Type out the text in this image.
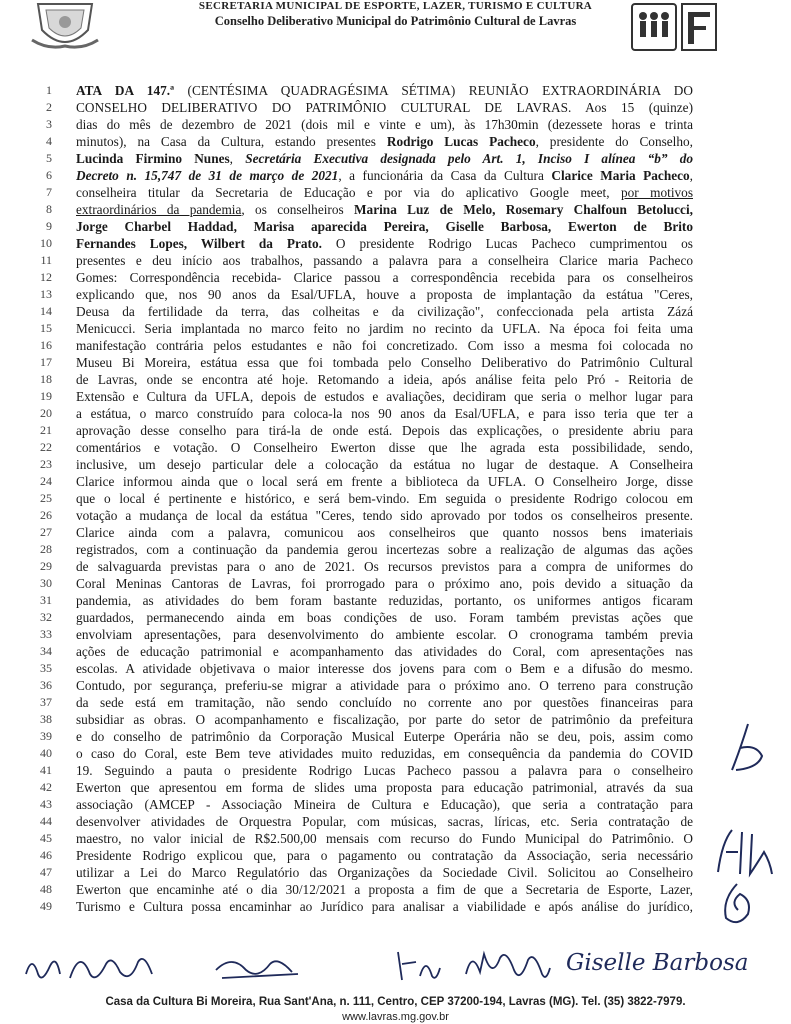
SECRETARIA MUNICIPAL DE ESPORTE, LAZER, TURISMO E CULTURA
Conselho Deliberativo Municipal do Patrimônio Cultural de Lavras
1 ATA DA 147.ª (CENTÉSIMA QUADRAGÉSIMA SÉTIMA) REUNIÃO EXTRAORDINÁRIA DO
2 CONSELHO DELIBERATIVO DO PATRIMÔNIO CULTURAL DE LAVRAS. Aos 15 (quinze)
3 dias do mês de dezembro de 2021 (dois mil e vinte e um), às 17h30min (dezessete horas e trinta
4 minutos), na Casa da Cultura, estando presentes Rodrigo Lucas Pacheco, presidente do Conselho,
5 Lucinda Firmino Nunes, Secretária Executiva designada pelo Art. 1, Inciso I alínea “b” do
6 Decreto n. 15,747 de 31 de março de 2021, a funcionária da Casa da Cultura Clarice Maria Pacheco,
7 conselheira titular da Secretaria de Educação e por via do aplicativo Google meet, por motivos
8 extraordinários da pandemia, os conselheiros Marina Luz de Melo, Rosemary Chalfoun Betolucci,
9 Jorge Charbel Haddad, Marisa aparecida Pereira, Giselle Barbosa, Ewerton de Brito
10 Fernandes Lopes, Wilbert da Prato. O presidente Rodrigo Lucas Pacheco cumprimentou os
11 presentes e deu início aos trabalhos, passando a palavra para a conselheira Clarice maria Pacheco
12 Gomes: Correspondência recebida- Clarice passou a correspondência recebida para os conselheiros
13 explicando que, nos 90 anos da Esal/UFLA, houve a proposta de implantação da estátua "Ceres,
14 Deusa da fertilidade da terra, das colheitas e da civilização", confeccionada pela artista Zázá
15 Menicucci. Seria implantada no marco feito no jardim no recinto da UFLA. Na época foi feita uma
16 manifestação contrária pelos estudantes e não foi concretizado. Com isso a mesma foi colocada no
17 Museu Bi Moreira, estátua essa que foi tombada pelo Conselho Deliberativo do Patrimônio Cultural
18 de Lavras, onde se encontra até hoje. Retomando a ideia, após análise feita pelo Pró - Reitoria de
19 Extensão e Cultura da UFLA, depois de estudos e avaliações, decidiram que seria o melhor lugar para
20 a estátua, o marco construído para coloca-la nos 90 anos da Esal/UFLA, e para isso teria que ter a
21 aprovação desse conselho para tirá-la de onde está. Depois das explicações, o presidente abriu para
22 comentários e votação. O Conselheiro Ewerton disse que lhe agrada esta possibilidade, sendo,
23 inclusive, um desejo particular dele a colocação da estátua no lugar de destaque. A Conselheira
24 Clarice informou ainda que o local será em frente a biblioteca da UFLA. O Conselheiro Jorge, disse
25 que o local é pertinente e histórico, e será bem-vindo. Em seguida o presidente Rodrigo colocou em
26 votação a mudança de local da estátua "Ceres, tendo sido aprovado por todos os conselheiros presente.
27 Clarice ainda com a palavra, comunicou aos conselheiros que quanto nossos bens imateriais
28 registrados, com a continuação da pandemia gerou incertezas sobre a realização de algumas das ações
29 de salvaguarda previstas para o ano de 2021. Os recursos previstos para a compra de uniformes do
30 Coral Meninas Cantoras de Lavras, foi prorrogado para o próximo ano, pois devido a situação da
31 pandemia, as atividades do bem foram bastante reduzidas, portanto, os uniformes antigos ficaram
32 guardados, permanecendo ainda em boas condições de uso. Foram também previstas ações que
33 envolviam apresentações, para desenvolvimento do ambiente escolar. O cronograma também previa
34 ações de educação patrimonial e acompanhamento das atividades do Coral, com apresentações nas
35 escolas. A atividade objetivava o maior interesse dos jovens para com o Bem e a difusão do mesmo.
36 Contudo, por segurança, preferiu-se migrar a atividade para o próximo ano. O terreno para construção
37 da sede está em tramitação, não sendo concluído no corrente ano por questões financeiras para
38 subsidiar as obras. O acompanhamento e fiscalização, por parte do setor de patrimônio da prefeitura
39 e do conselho de patrimônio da Corporação Musical Euterpe Operária não se deu, pois, assim como
40 o caso do Coral, este Bem teve atividades muito reduzidas, em consequência da pandemia do COVID
41 19. Seguindo a pauta o presidente Rodrigo Lucas Pacheco passou a palavra para o conselheiro
42 Ewerton que apresentou em forma de slides uma proposta para educação patrimonial, através da sua
43 associação (AMCEP - Associação Mineira de Cultura e Educação), que seria a contratação para
44 desenvolver atividades de Orquestra Popular, com músicas, sacras, líricas, etc. Seria contratação de
45 maestro, no valor inicial de R$2.500,00 mensais com recurso do Fundo Municipal do Patrimônio. O
46 Presidente Rodrigo explicou que, para o pagamento ou contratação da Associação, seria necessário
47 utilizar a Lei do Marco Regulatório das Organizações da Sociedade Civil. Solicitou ao Conselheiro
48 Ewerton que encaminhe até o dia 30/12/2021 a proposta a fim de que a Secretaria de Esporte, Lazer,
49 Turismo e Cultura possa encaminhar ao Jurídico para analisar a viabilidade e após análise do jurídico,
Giselle Barbosa
Casa da Cultura Bi Moreira, Rua Sant'Ana, n. 111, Centro, CEP 37200-194, Lavras (MG). Tel. (35) 3822-7979.
www.lavras.mg.gov.br
